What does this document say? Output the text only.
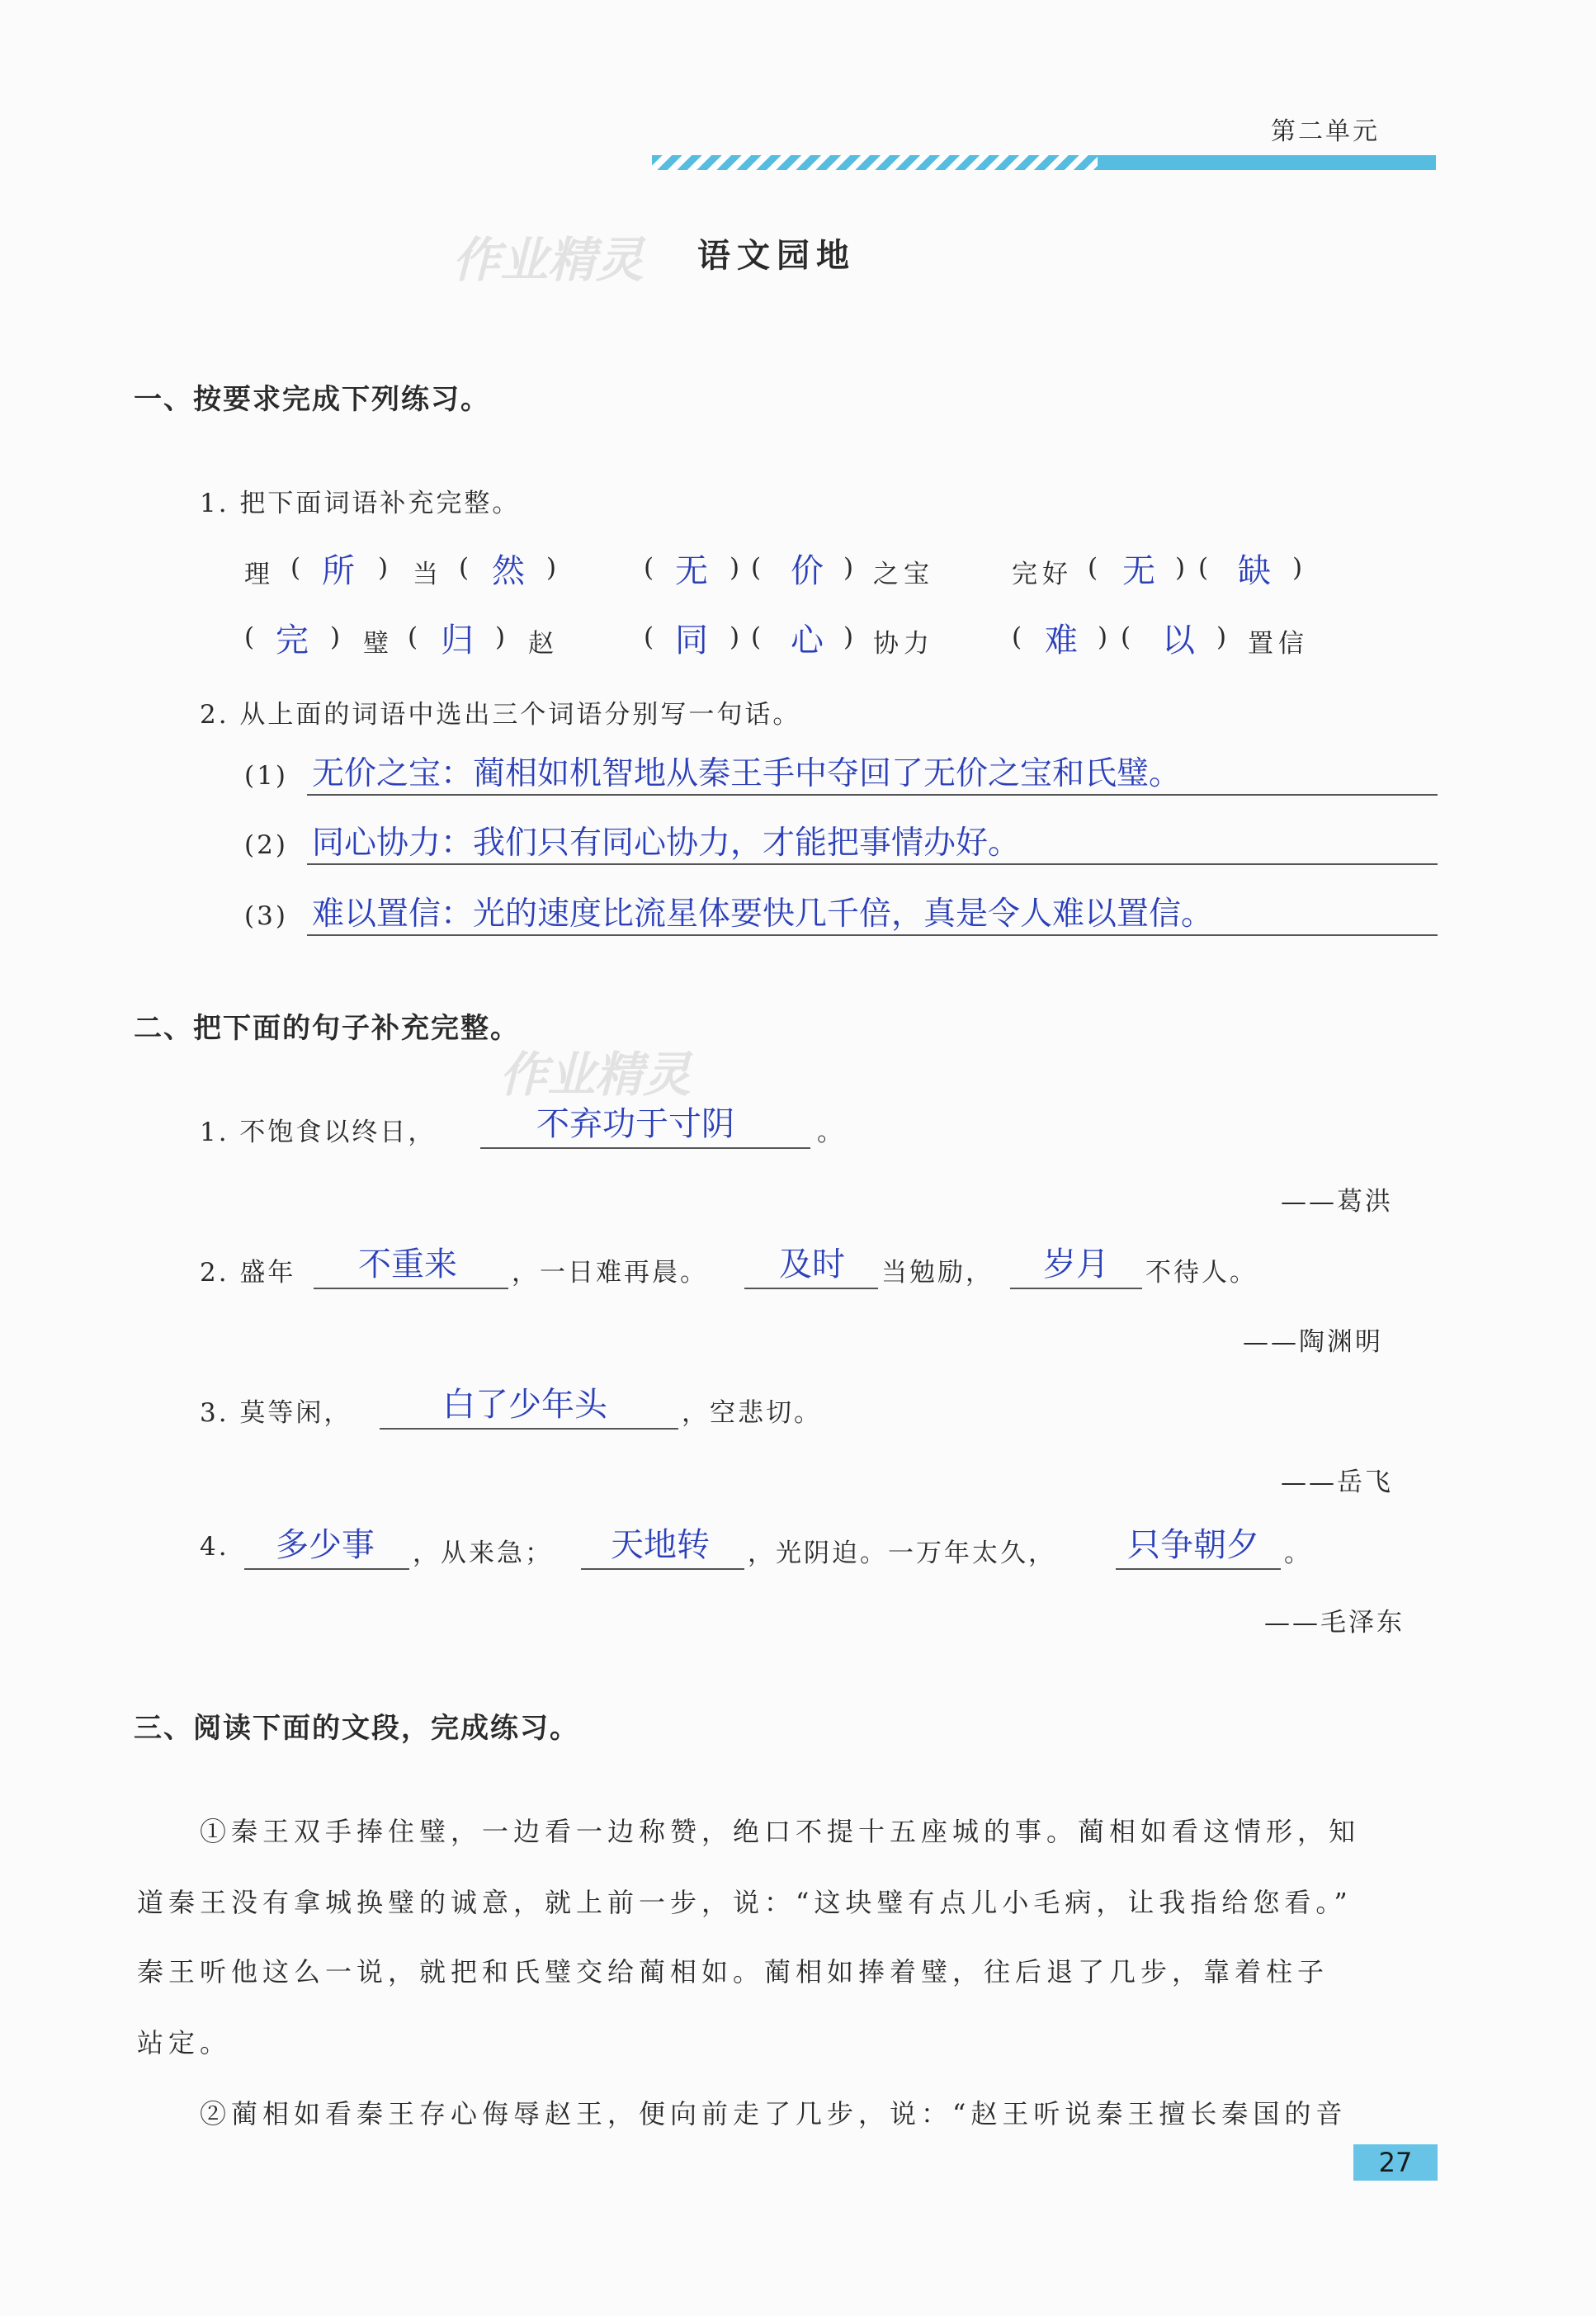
第二单元
作业精灵
作业精灵
语文园地
一、按要求完成下列练习。
1. 把下面词语补充完整。
理 ( 所 ) 当 ( 然 )	( 无 ) ( 价 ) 之宝	完好 ( 无 ) ( 缺 )
( 完 ) 璧 ( 归 ) 赵	( 同 ) ( 心 ) 协力	( 难 ) ( 以 ) 置信
2. 从上面的词语中选出三个词语分别写一句话。
(1) 无价之宝：蔺相如机智地从秦王手中夺回了无价之宝和氏璧。
(2) 同心协力：我们只有同心协力，才能把事情办好。
(3) 难以置信：光的速度比流星体要快几千倍，真是令人难以置信。
二、把下面的句子补充完整。
1. 不饱食以终日，	不弃功于寸阴	。
——葛洪
2. 盛年 不重来 ，一日难再晨。 及时 当勉励， 岁月 不待人。
——陶渊明
3. 莫等闲，	白了少年头	，空悲切。
——岳飞
4. 多少事 ，从来急； 天地转 ，光阴迫。一万年太久， 只争朝夕 。
——毛泽东
三、阅读下面的文段，完成练习。
①秦王双手捧住璧，一边看一边称赞，绝口不提十五座城的事。蔺相如看这情形，知
道秦王没有拿城换璧的诚意，就上前一步，说：“这块璧有点儿小毛病，让我指给您看。”
秦王听他这么一说，就把和氏璧交给蔺相如。蔺相如捧着璧，往后退了几步，靠着柱子
站定。
②蔺相如看秦王存心侮辱赵王，便向前走了几步，说：“赵王听说秦王擅长秦国的音
27
